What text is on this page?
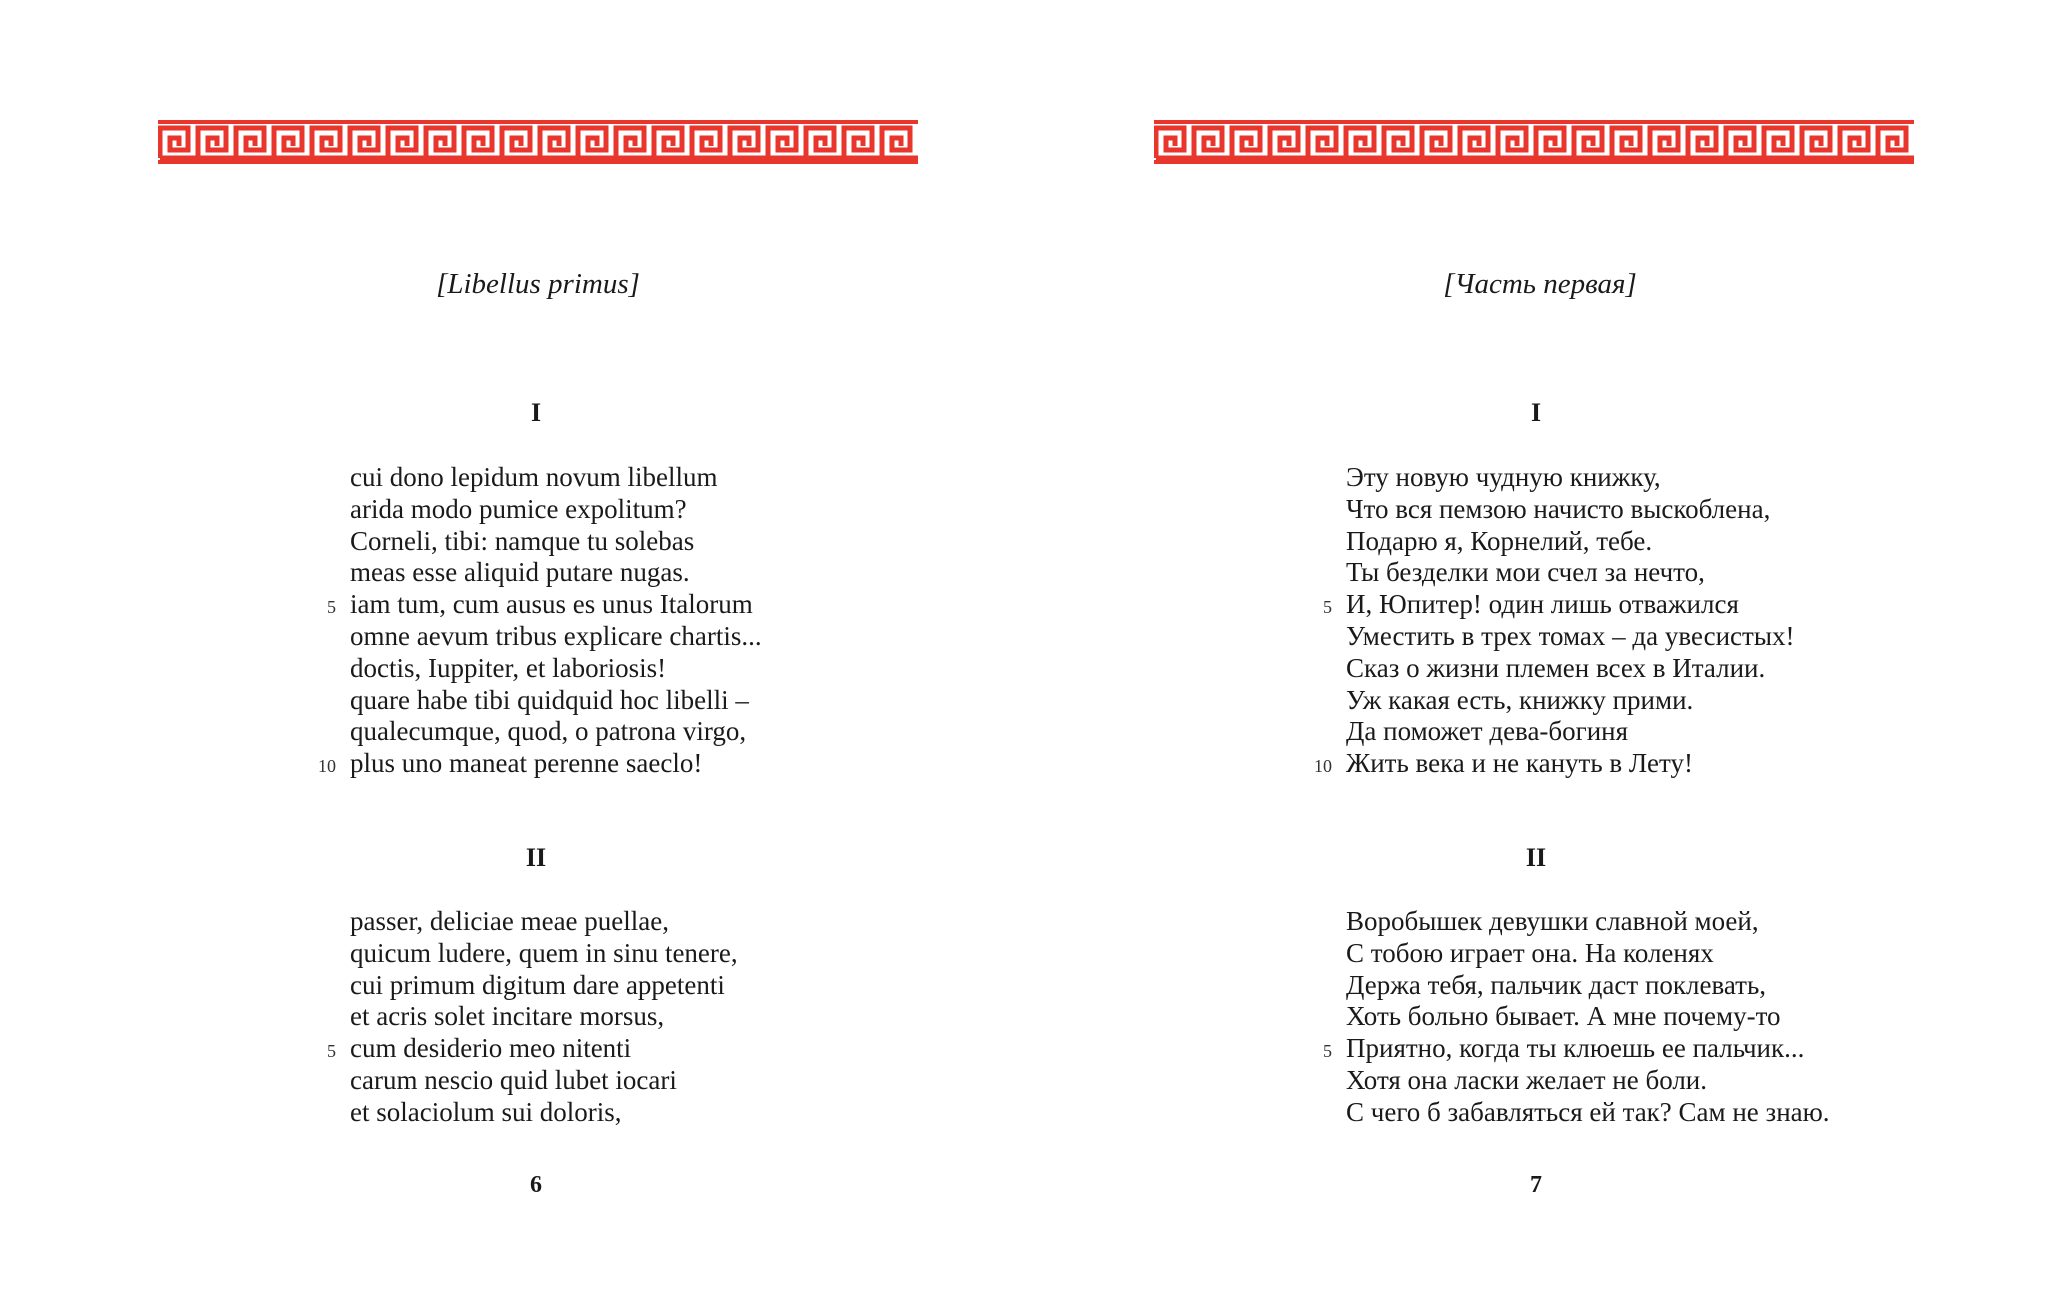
[Libellus primus]
I
cui dono lepidum novum libellum
arida modo pumice expolitum?
Corneli, tibi: namque tu solebas
meas esse aliquid putare nugas.
5 iam tum, cum ausus es unus Italorum
omne aevum tribus explicare chartis...
doctis, Iuppiter, et laboriosis!
quare habe tibi quidquid hoc libelli –
qualecumque, quod, o patrona virgo,
10 plus uno maneat perenne saeclo!
II
passer, deliciae meae puellae,
quicum ludere, quem in sinu tenere,
cui primum digitum dare appetenti
et acris solet incitare morsus,
5 cum desiderio meo nitenti
carum nescio quid lubet iocari
et solaciolum sui doloris,
6
[Часть первая]
I
Эту новую чудную книжку,
Что вся пемзою начисто выскоблена,
Подарю я, Корнелий, тебе.
Ты безделки мои счел за нечто,
5 И, Юпитер! один лишь отважился
Уместить в трех томах – да увесистых!
Сказ о жизни племен всех в Италии.
Уж какая есть, книжку прими.
Да поможет дева-богиня
10 Жить века и не кануть в Лету!
II
Воробышек девушки славной моей,
С тобою играет она. На коленях
Держа тебя, пальчик даст поклевать,
Хоть больно бывает. А мне почему-то
5 Приятно, когда ты клюешь ее пальчик...
Хотя она ласки желает не боли.
С чего б забавляться ей так? Сам не знаю.
7
